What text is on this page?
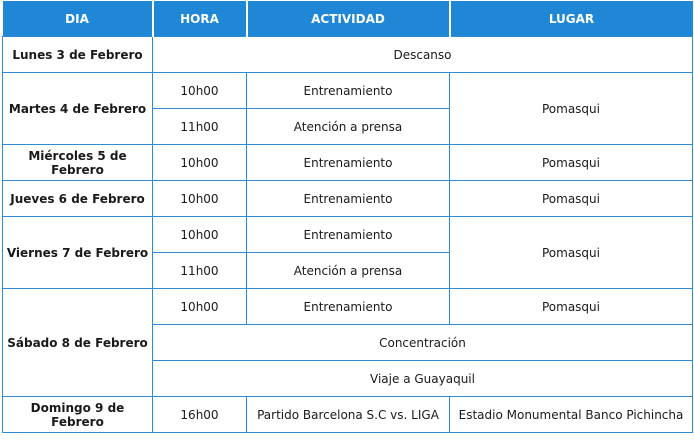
DIA	HORA	ACTIVIDAD	LUGAR
Lunes 3 de Febrero	Descanso		
Martes 4 de Febrero	10h00	Entrenamiento	Pomasqui
	11h00	Atención a prensa	
Miércoles 5 de Febrero	10h00	Entrenamiento	Pomasqui
Jueves 6 de Febrero	10h00	Entrenamiento	Pomasqui
Viernes 7 de Febrero	10h00	Entrenamiento	Pomasqui
	11h00	Atención a prensa	
Sábado 8 de Febrero	10h00	Entrenamiento	Pomasqui
	Concentración		
	Viaje a Guayaquil		
Domingo 9 de Febrero	16h00	Partido Barcelona S.C vs. LIGA	Estadio Monumental Banco Pichincha
